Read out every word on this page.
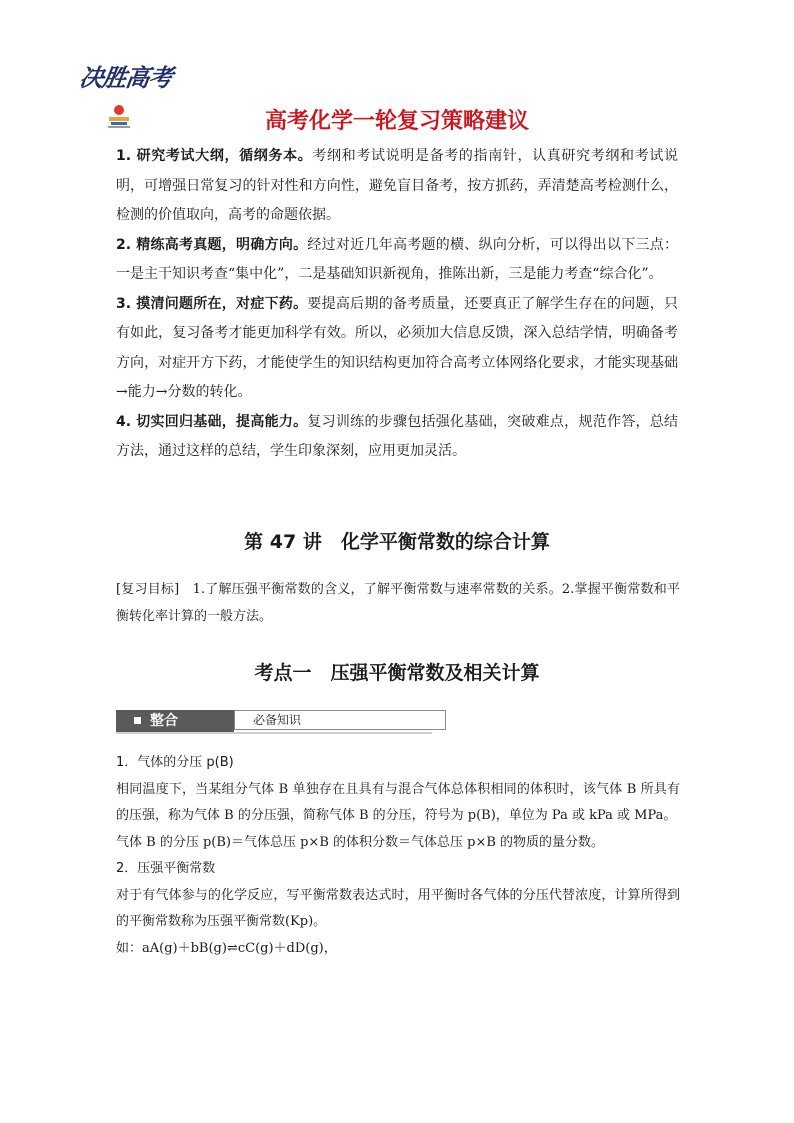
决胜高考
高考化学一轮复习策略建议

1. 研究考试大纲，循纲务本。考纲和考试说明是备考的指南针，认真研究考纲和考试说明，可增强日常复习的针对性和方向性，避免盲目备考，按方抓药，弄清楚高考检测什么，检测的价值取向，高考的命题依据。

2. 精练高考真题，明确方向。经过对近几年高考题的横、纵向分析，可以得出以下三点：一是主干知识考查“集中化”，二是基础知识新视角，推陈出新，三是能力考查“综合化”。

3. 摸清问题所在，对症下药。要提高后期的备考质量，还要真正了解学生存在的问题，只有如此，复习备考才能更加科学有效。所以，必须加大信息反馈，深入总结学情，明确备考方向，对症开方下药，才能使学生的知识结构更加符合高考立体网络化要求，才能实现基础→能力→分数的转化。

4. 切实回归基础，提高能力。复习训练的步骤包括强化基础，突破难点，规范作答，总结方法，通过这样的总结，学生印象深刻，应用更加灵活。

第 47 讲　化学平衡常数的综合计算

[复习目标]　 1.了解压强平衡常数的含义，了解平衡常数与速率常数的关系。2.掌握平衡常数和平衡转化率计算的一般方法。

考点一　压强平衡常数及相关计算
整合	必备知识

1．气体的分压 p(B)

相同温度下，当某组分气体 B 单独存在且具有与混合气体总体积相同的体积时，该气体 B 所具有的压强，称为气体 B 的分压强，简称气体 B 的分压，符号为 p(B)，单位为 Pa 或 kPa 或 MPa。

气体 B 的分压 p(B)＝气体总压 p×B 的体积分数＝气体总压 p×B 的物质的量分数。

2．压强平衡常数

对于有气体参与的化学反应，写平衡常数表达式时，用平衡时各气体的分压代替浓度，计算所得到的平衡常数称为压强平衡常数(Kp)。

如：aA(g)＋bB(g)⇌cC(g)＋dD(g)，
